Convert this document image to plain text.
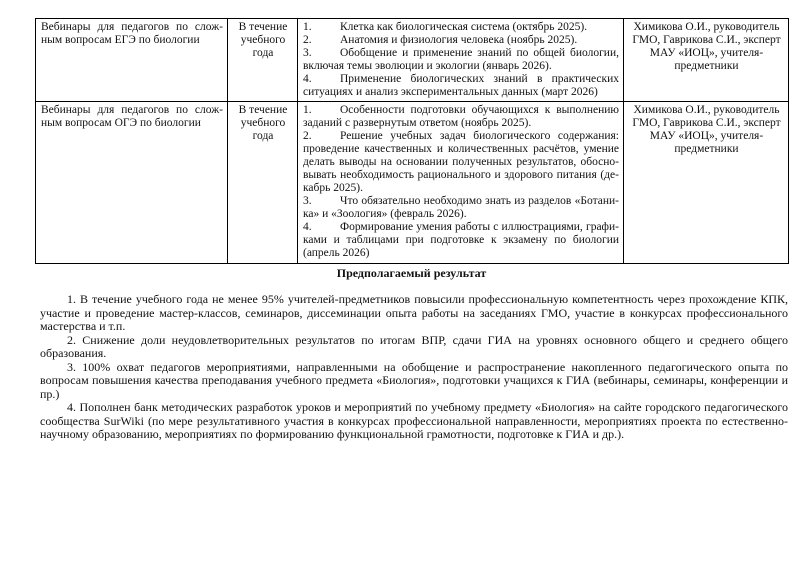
Вебинары для педагогов по сложным вопросам ЕГЭ по биологии	В течение учебного года	1. Клетка как биологическая система (октябрь 2025).

2. Анатомия и физиология человека (ноябрь 2025).

3. Обобщение и применение знаний по общей биологии, включая темы эволюции и экологии (январь 2026).

4. Применение биологических знаний в практических ситуациях и анализ экспериментальных данных (март 2026)	Химикова О.И., руководитель ГМО, Гаврикова С.И., эксперт МАУ «ИОЦ», учителя-предметники
Вебинары для педагогов по сложным вопросам ОГЭ по биологии	В течение учебного года	1. Особенности подготовки обучающихся к выполнению заданий с развернутым ответом (ноябрь 2025).

2. Решение учебных задач биологического содержания: проведение качественных и количественных расчётов, умение делать выводы на основании полученных результатов, обосновывать необходимость рационального и здорового питания (декабрь 2025).

3. Что обязательно необходимо знать из разделов «Ботаника» и «Зоология» (февраль 2026).

4. Формирование умения работы с иллюстрациями, графиками и таблицами при подготовке к экзамену по биологии (апрель 2026)	Химикова О.И., руководитель ГМО, Гаврикова С.И., эксперт МАУ «ИОЦ», учителя-предметники
Предполагаемый результат

1. В течение учебного года не менее 95% учителей-предметников повысили профессиональную компетентность через прохождение КПК, участие и проведение мастер-классов, семинаров, диссеминации опыта работы на заседаниях ГМО, участие в конкурсах профессионального мастерства и т.п.

2. Снижение доли неудовлетворительных результатов по итогам ВПР, сдачи ГИА на уровнях основного общего и среднего общего образования.

3. 100% охват педагогов мероприятиями, направленными на обобщение и распространение накопленного педагогического опыта по вопросам повышения качества преподавания учебного предмета «Биология», подготовки учащихся к ГИА (вебинары, семинары, конференции и пр.)

4. Пополнен банк методических разработок уроков и мероприятий по учебному предмету «Биология» на сайте городского педагогического сообщества SurWiki (по мере результативного участия в конкурсах профессиональной направленности, мероприятиях проекта по естественно-научному образованию, мероприятиях по формированию функциональной грамотности, подготовке к ГИА и др.).
